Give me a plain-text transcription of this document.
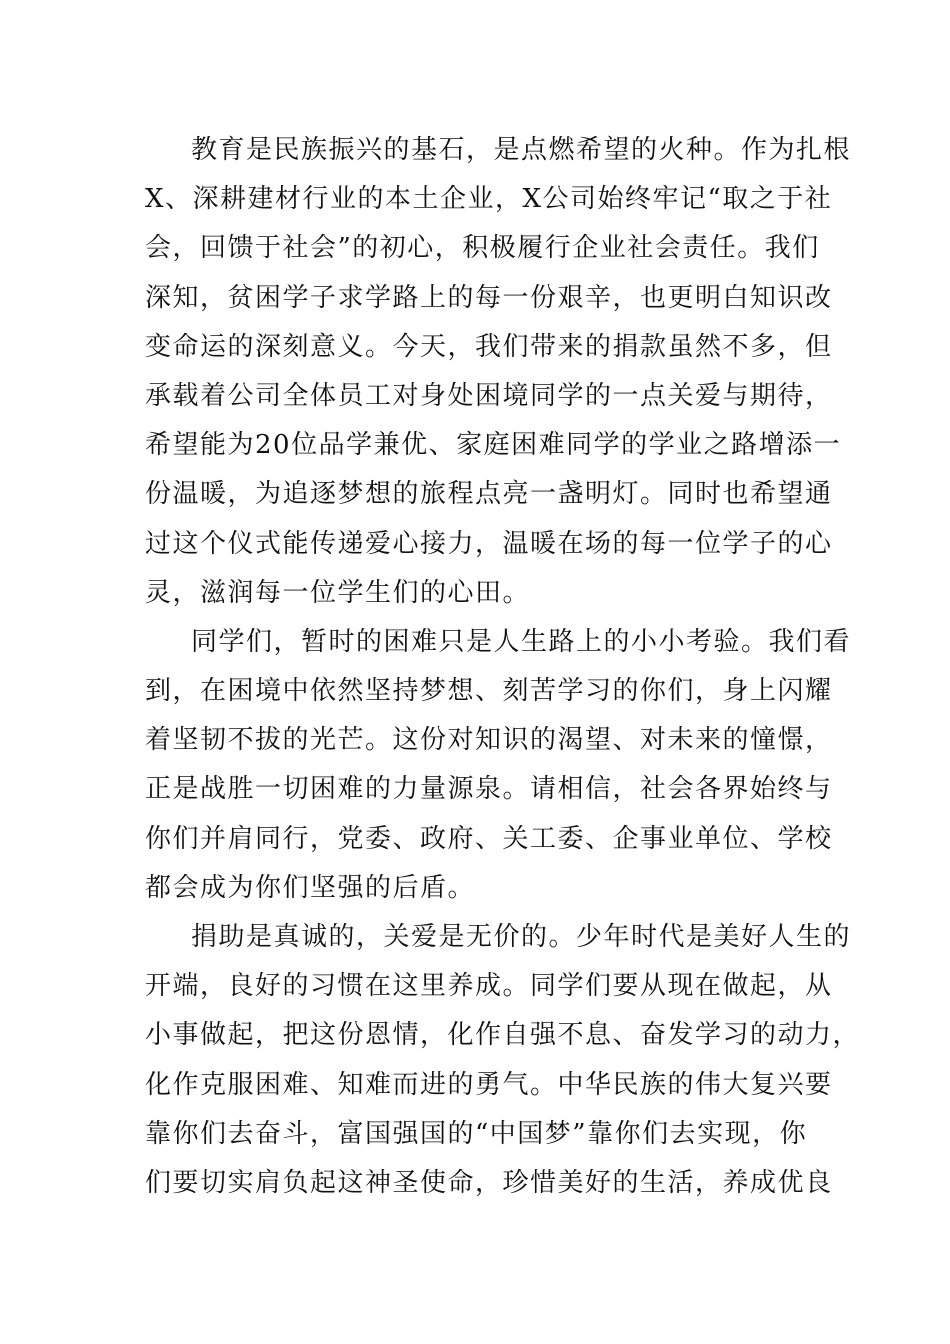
教育是民族振兴的基石，是点燃希望的火种。作为扎根
X、深耕建材行业的本土企业，X公司始终牢记“取之于社
会，回馈于社会”的初心，积极履行企业社会责任。我们
深知，贫困学子求学路上的每一份艰辛，也更明白知识改
变命运的深刻意义。今天，我们带来的捐款虽然不多，但
承载着公司全体员工对身处困境同学的一点关爱与期待，
希望能为20位品学兼优、家庭困难同学的学业之路增添一
份温暖，为追逐梦想的旅程点亮一盏明灯。同时也希望通
过这个仪式能传递爱心接力，温暖在场的每一位学子的心
灵，滋润每一位学生们的心田。
同学们，暂时的困难只是人生路上的小小考验。我们看
到，在困境中依然坚持梦想、刻苦学习的你们，身上闪耀
着坚韧不拔的光芒。这份对知识的渴望、对未来的憧憬，
正是战胜一切困难的力量源泉。请相信，社会各界始终与
你们并肩同行，党委、政府、关工委、企事业单位、学校
都会成为你们坚强的后盾。
捐助是真诚的，关爱是无价的。少年时代是美好人生的
开端，良好的习惯在这里养成。同学们要从现在做起，从
小事做起，把这份恩情，化作自强不息、奋发学习的动力，
化作克服困难、知难而进的勇气。中华民族的伟大复兴要
靠你们去奋斗，富国强国的“中国梦”靠你们去实现，你
们要切实肩负起这神圣使命，珍惜美好的生活，养成优良
